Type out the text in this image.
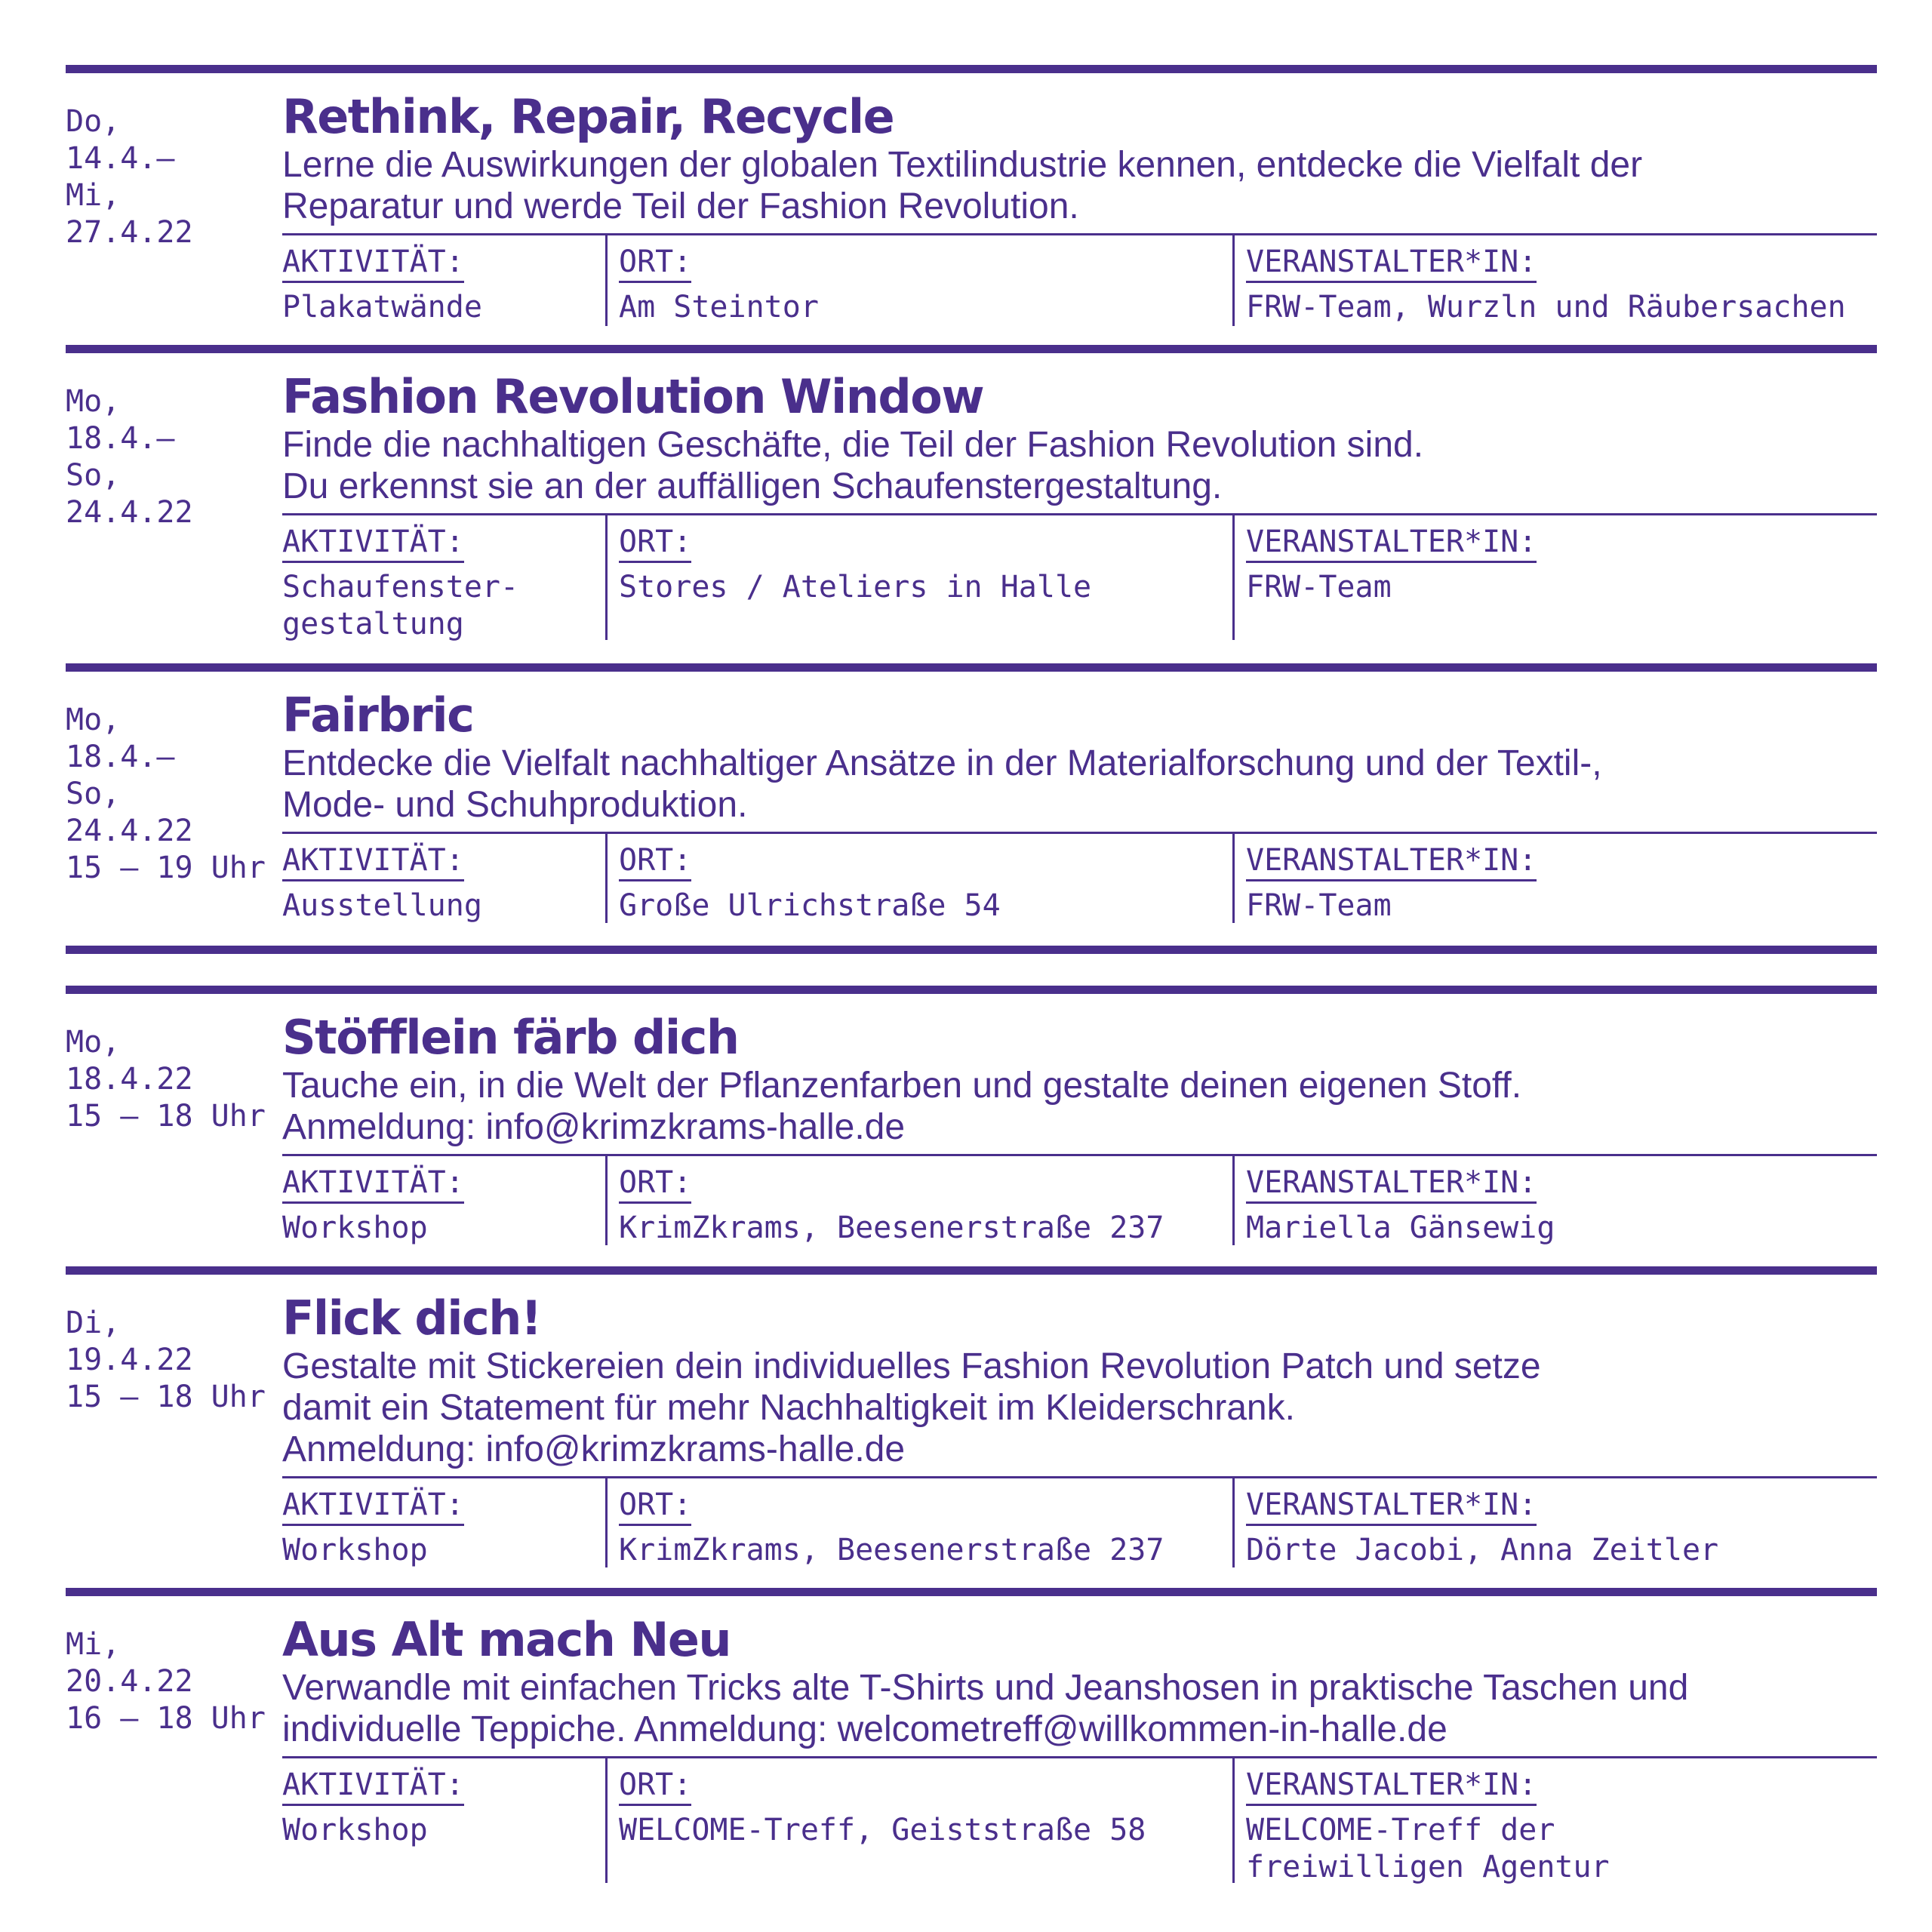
Do,
14.4.–
Mi,
27.4.22
Rethink, Repair, Recycle

Lerne die Auswirkungen der globalen Textilindustrie kennen, entdecke die Vielfalt der
Reparatur und werde Teil der Fashion Revolution.

AKTIVITÄT:
Plakatwände
ORT:
Am Steintor
VERANSTALTER*IN:
FRW-Team, Wurzln und Räubersachen
Mo,
18.4.–
So,
24.4.22
Fashion Revolution Window

Finde die nachhaltigen Geschäfte, die Teil der Fashion Revolution sind.
Du erkennst sie an der auffälligen Schaufenstergestaltung.

AKTIVITÄT:
Schaufenster-
gestaltung
ORT:
Stores / Ateliers in Halle
VERANSTALTER*IN:
FRW-Team
Mo,
18.4.–
So,
24.4.22
15 – 19 Uhr
Fairbric

Entdecke die Vielfalt nachhaltiger Ansätze in der Materialforschung und der Textil-,
Mode- und Schuhproduktion.

AKTIVITÄT:
Ausstellung
ORT:
Große Ulrichstraße 54
VERANSTALTER*IN:
FRW-Team
Mo,
18.4.22
15 – 18 Uhr
Stöfflein färb dich

Tauche ein, in die Welt der Pflanzenfarben und gestalte deinen eigenen Stoff.
Anmeldung: info@krimzkrams-halle.de

AKTIVITÄT:
Workshop
ORT:
KrimZkrams, Beesenerstraße 237
VERANSTALTER*IN:
Mariella Gänsewig
Di,
19.4.22
15 – 18 Uhr
Flick dich!

Gestalte mit Stickereien dein individuelles Fashion Revolution Patch und setze
damit ein Statement für mehr Nachhaltigkeit im Kleiderschrank.
Anmeldung: info@krimzkrams-halle.de

AKTIVITÄT:
Workshop
ORT:
KrimZkrams, Beesenerstraße 237
VERANSTALTER*IN:
Dörte Jacobi, Anna Zeitler
Mi,
20.4.22
16 – 18 Uhr
Aus Alt mach Neu

Verwandle mit einfachen Tricks alte T-Shirts und Jeanshosen in praktische Taschen und
individuelle Teppiche. Anmeldung: welcometreff@willkommen-in-halle.de

AKTIVITÄT:
Workshop
ORT:
WELCOME-Treff, Geiststraße 58
VERANSTALTER*IN:
WELCOME-Treff der
freiwilligen Agentur
